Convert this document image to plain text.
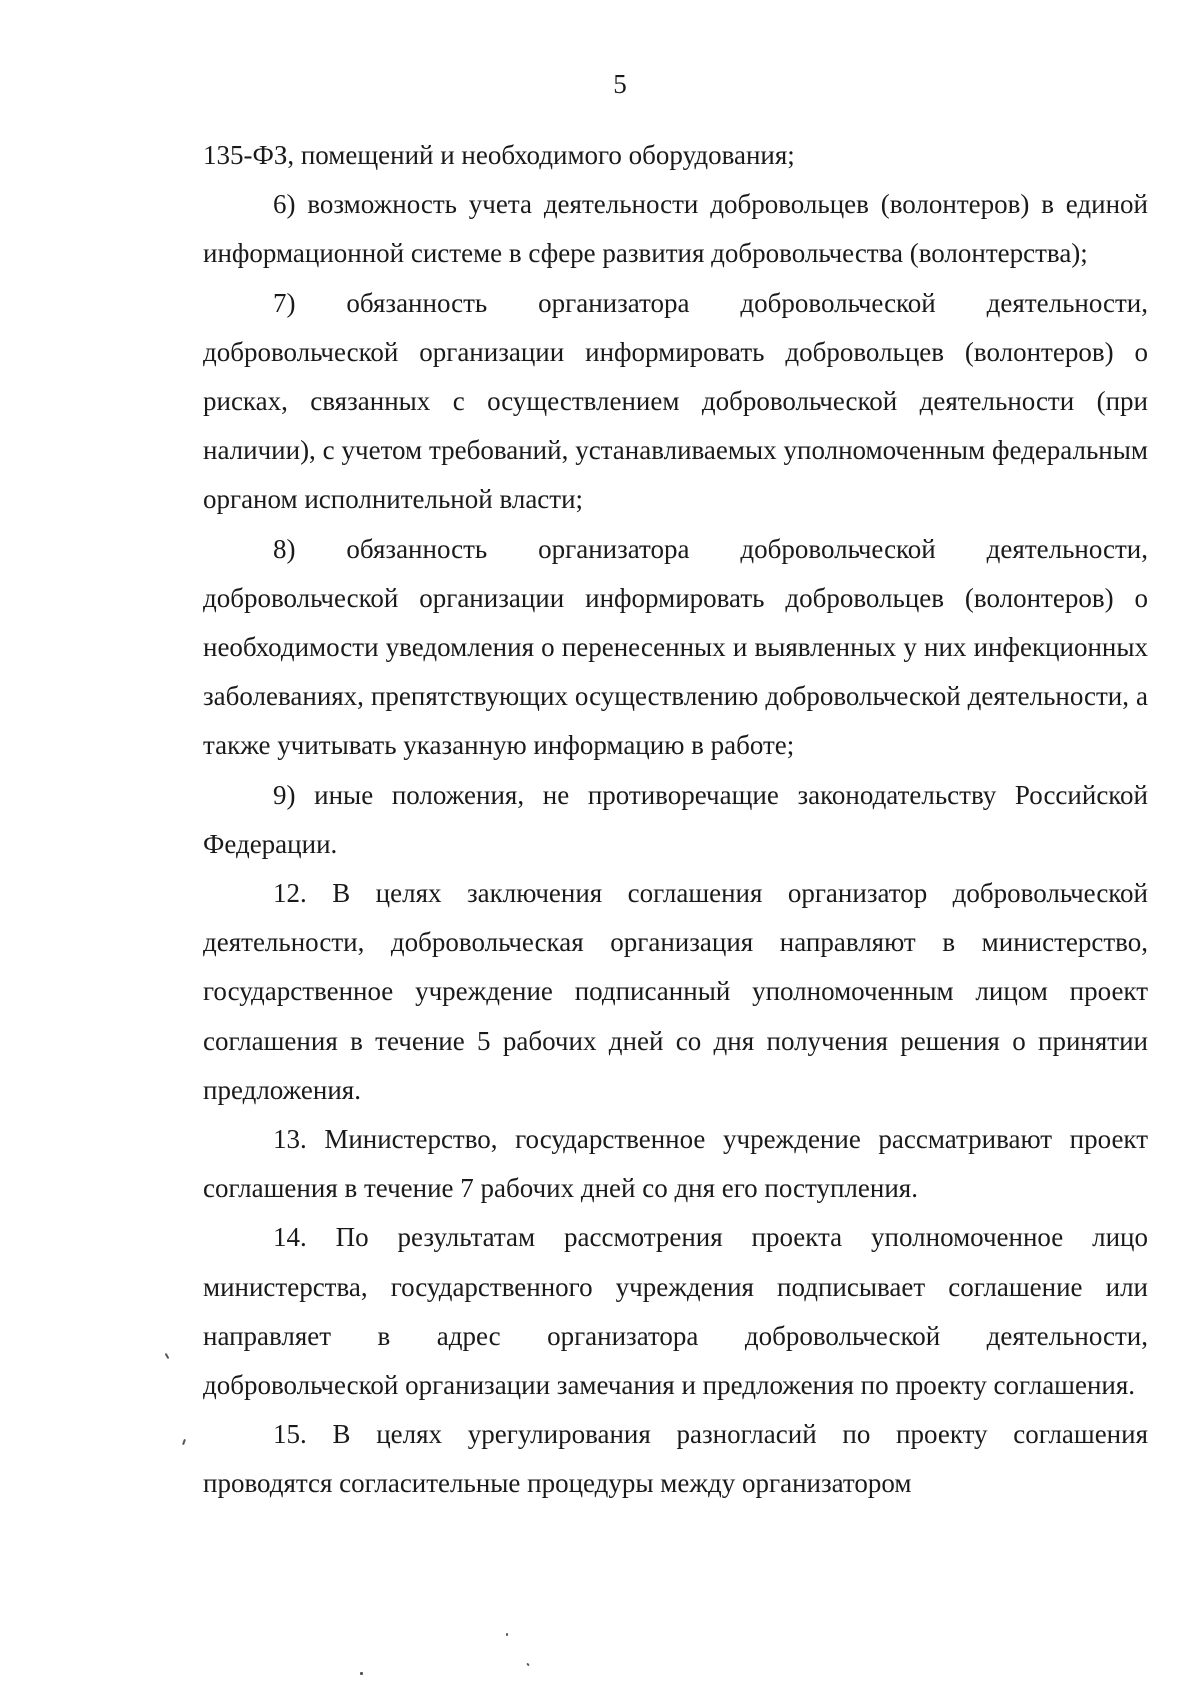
5

135-ФЗ, помещений и необходимого оборудования;

6) возможность учета деятельности добровольцев (волонтеров) в единой информационной системе в сфере развития добровольчества (волонтерства);

7) обязанность организатора добровольческой деятельности, добровольческой организации информировать добровольцев (волонтеров) о рисках, связанных с осуществлением добровольческой деятельности (при наличии), с учетом требований, устанавливаемых уполномоченным федеральным органом исполнительной власти;

8) обязанность организатора добровольческой деятельности, добровольческой организации информировать добровольцев (волонтеров) о необходимости уведомления о перенесенных и выявленных у них инфекционных заболеваниях, препятствующих осуществлению добровольческой деятельности, а также учитывать указанную информацию в работе;

9) иные положения, не противоречащие законодательству Российской Федерации.

12. В целях заключения соглашения организатор добровольческой деятельности, добровольческая организация направляют в министерство, государственное учреждение подписанный уполномоченным лицом проект соглашения в течение 5 рабочих дней со дня получения решения о принятии предложения.

13. Министерство, государственное учреждение рассматривают проект соглашения в течение 7 рабочих дней со дня его поступления.

14. По результатам рассмотрения проекта уполномоченное лицо министерства, государственного учреждения подписывает соглашение или направляет в адрес организатора добровольческой деятельности, добровольческой организации замечания и предложения по проекту соглашения.

15. В целях урегулирования разногласий по проекту соглашения проводятся согласительные процедуры между организатором
